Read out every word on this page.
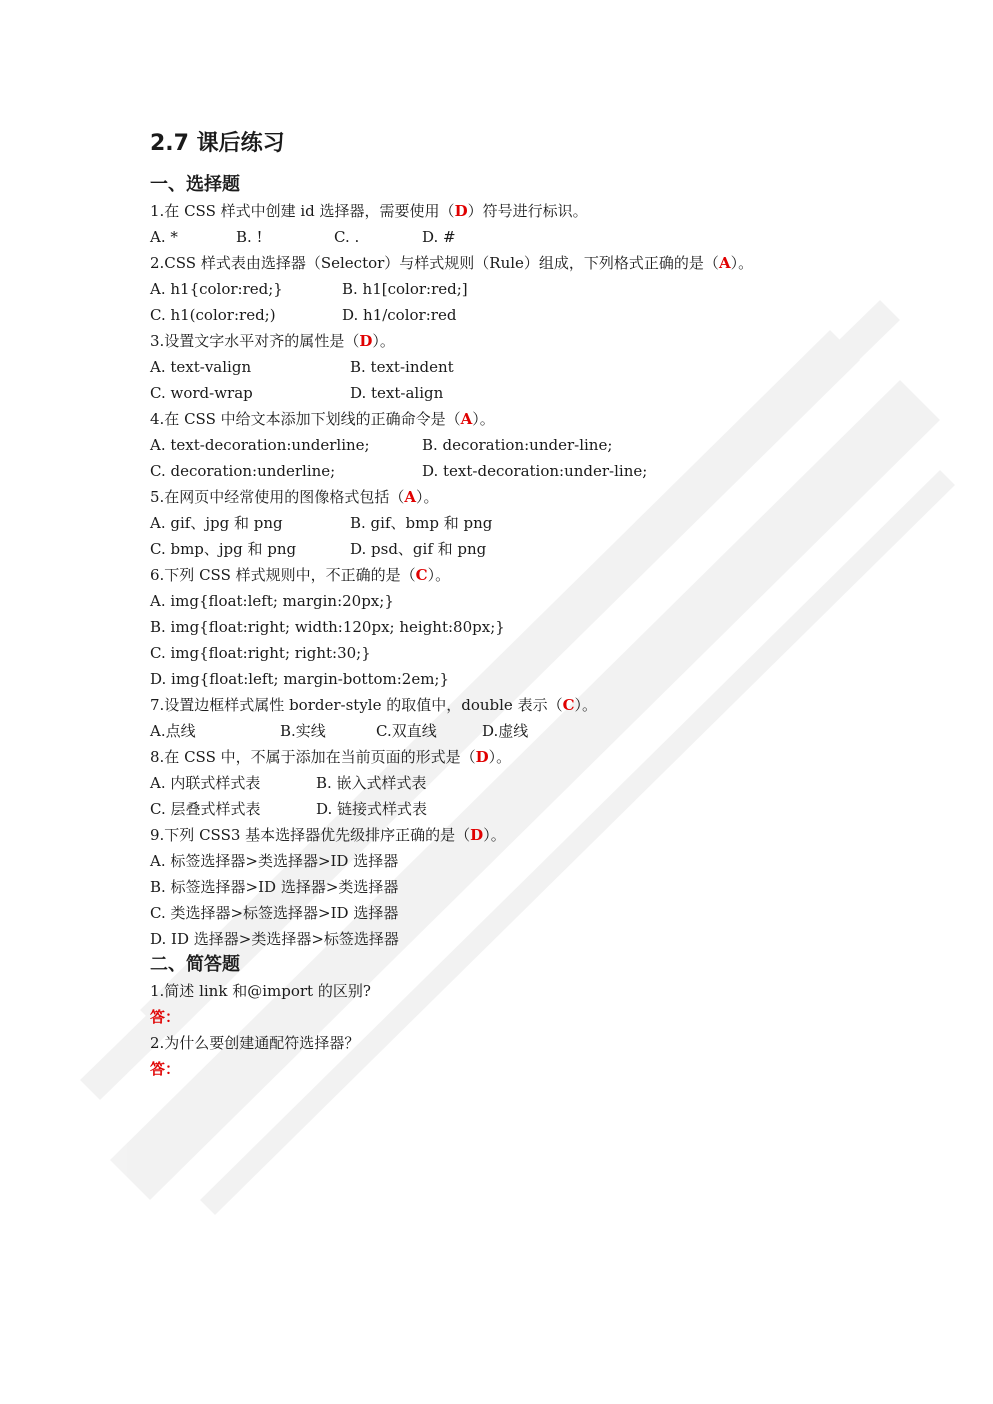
2.7 课后练习
一、选择题
1.在 CSS 样式中创建 id 选择器，需要使用（D）符号进行标识。
A. *	B. !	C. .	D. #
2.CSS 样式表由选择器（Selector）与样式规则（Rule）组成，下列格式正确的是（A）。
A. h1{color:red;}	B. h1[color:red;]
C. h1(color:red;)	D. h1/color:red
3.设置文字水平对齐的属性是（D）。
A. text-valign	B. text-indent
C. word-wrap	D. text-align
4.在 CSS 中给文本添加下划线的正确命令是（A）。
A. text-decoration:underline;	B. decoration:under-line;
C. decoration:underline;	D. text-decoration:under-line;
5.在网页中经常使用的图像格式包括（A）。
A. gif、jpg 和 png	B. gif、bmp 和 png
C. bmp、jpg 和 png	D. psd、gif 和 png
6.下列 CSS 样式规则中，不正确的是（C）。
A. img{float:left; margin:20px;}
B. img{float:right; width:120px; height:80px;}
C. img{float:right; right:30;}
D. img{float:left; margin-bottom:2em;}
7.设置边框样式属性 border-style 的取值中，double 表示（C）。
A.点线	B.实线	C.双直线	D.虚线
8.在 CSS 中，不属于添加在当前页面的形式是（D）。
A. 内联式样式表	B. 嵌入式样式表
C. 层叠式样式表	D. 链接式样式表
9.下列 CSS3 基本选择器优先级排序正确的是（D）。
A. 标签选择器>类选择器>ID 选择器
B. 标签选择器>ID 选择器>类选择器
C. 类选择器>标签选择器>ID 选择器
D. ID 选择器>类选择器>标签选择器
二、简答题
1.简述 link 和@import 的区别?
答：
2.为什么要创建通配符选择器？
答：
